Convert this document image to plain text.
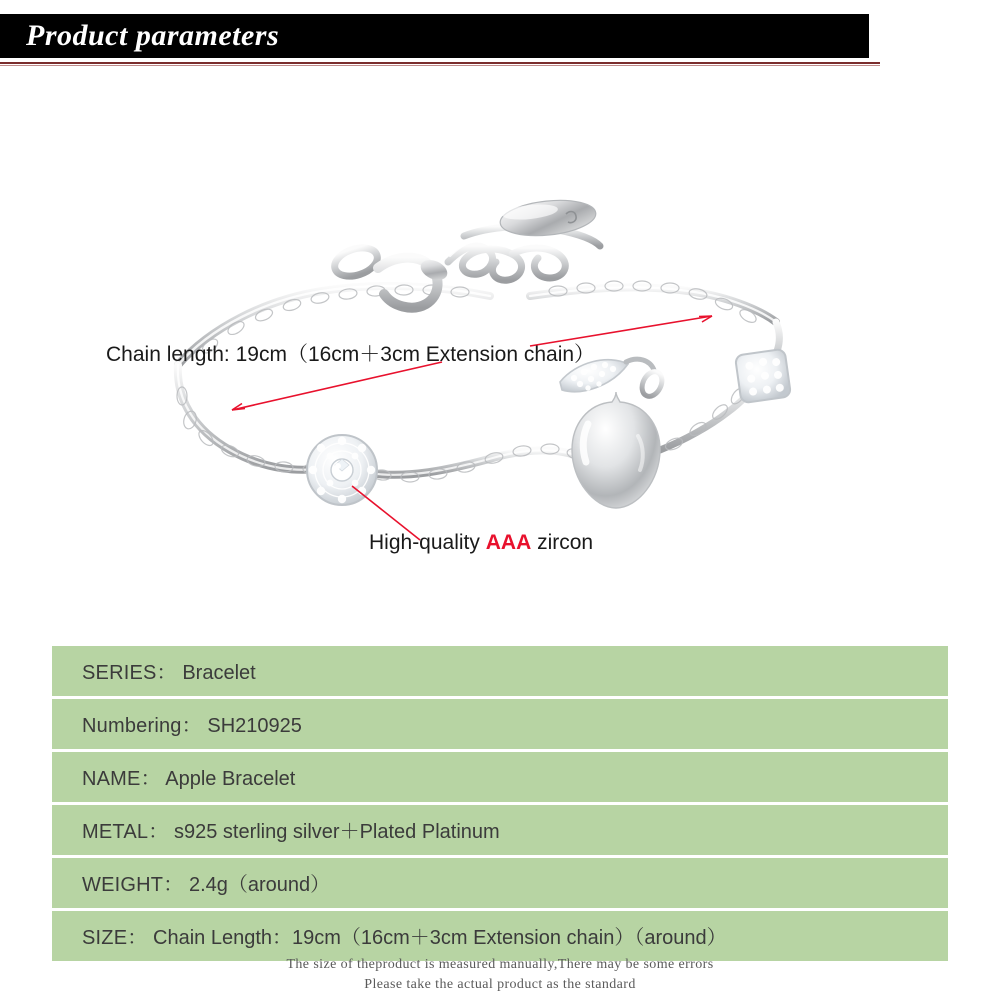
Product parameters
Chain length: 19cm（16cm＋3cm Extension chain）
High-quality AAA zircon
SERIES： Bracelet	
Numbering： SH210925
NAME： Apple Bracelet
METAL： s925 sterling silver＋Plated Platinum
WEIGHT： 2.4g（around）
SIZE： Chain Length：19cm（16cm＋3cm Extension chain）（around）
The size of theproduct is measured manually,There may be some errors
Please take the actual product as the standard
